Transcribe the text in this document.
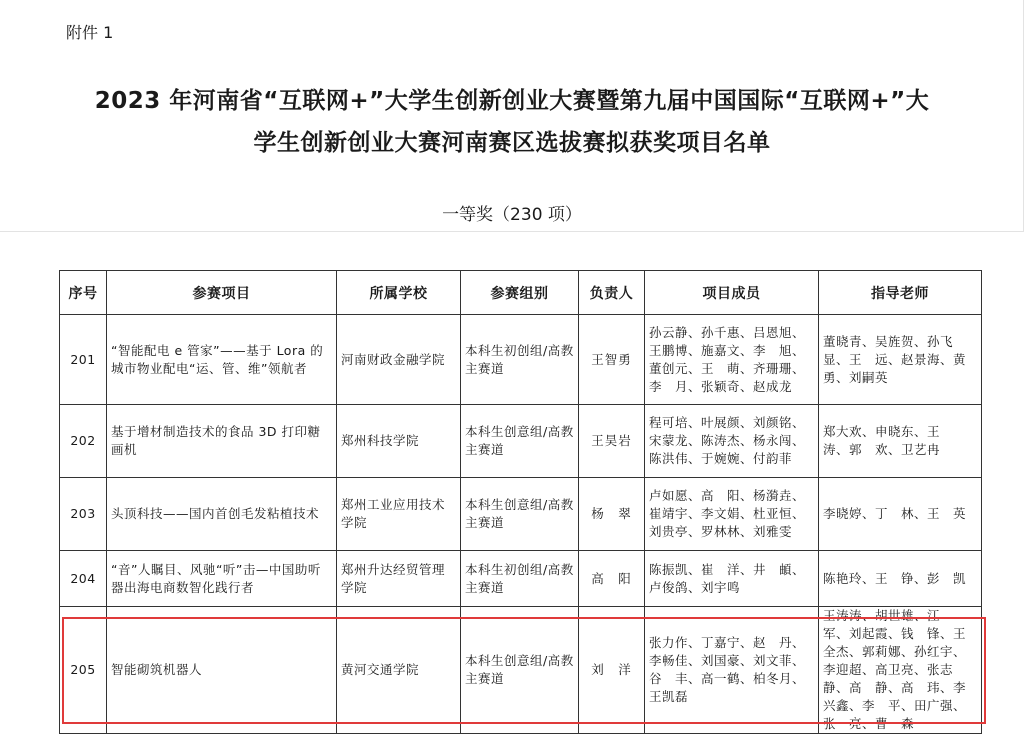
附件 1
2023 年河南省“互联网+”大学生创新创业大赛暨第九届中国国际“互联网+”大
学生创新创业大赛河南赛区选拔赛拟获奖项目名单
一等奖（230 项）
序号	参赛项目	所属学校	参赛组别	负责人	项目成员	指导老师
201	“智能配电 e 管家”——基于 Lora 的城市物业配电“运、管、维”领航者	河南财政金融学院	本科生初创组/高教主赛道	王智勇	孙云静、孙千惠、吕恩旭、王鹏博、施嘉文、李　旭、董创元、王　萌、齐珊珊、李　月、张颖奇、赵成龙	董晓青、吴旌贺、孙飞显、王　远、赵景海、黄　勇、刘嗣英
202	基于增材制造技术的食品 3D 打印糖画机	郑州科技学院	本科生创意组/高教主赛道	王昊岩	程可培、叶展颜、刘颜铭、宋蒙龙、陈涛杰、杨永闯、陈洪伟、于婉婉、付韵菲	郑大欢、申晓东、王　涛、郭　欢、卫艺冉
203	头顶科技——国内首创毛发粘植技术	郑州工业应用技术学院	本科生创意组/高教主赛道	杨　翠	卢如愿、高　阳、杨漪垚、崔靖宇、李文娟、杜亚恒、刘贵亭、罗林林、刘雅雯	李晓婷、丁　林、王　英
204	“音”人瞩目、风驰“听”击—中国助听器出海电商数智化践行者	郑州升达经贸管理学院	本科生初创组/高教主赛道	高　阳	陈振凯、崔　洋、井　頔、卢俊鸽、刘宇鸣	陈艳玲、王　铮、彭　凯
205	智能砌筑机器人	黄河交通学院	本科生创意组/高教主赛道	刘　洋	张力作、丁嘉宁、赵　丹、李畅佳、刘国豪、刘文菲、谷　丰、高一鹤、柏冬月、王凯磊	王涛涛、胡世雄、江　军、刘起霞、钱　锋、王全杰、郭莉娜、孙红宇、李迎超、高卫亮、张志静、高　静、高　玮、李兴鑫、李　平、田广强、张　亮、曹　森
